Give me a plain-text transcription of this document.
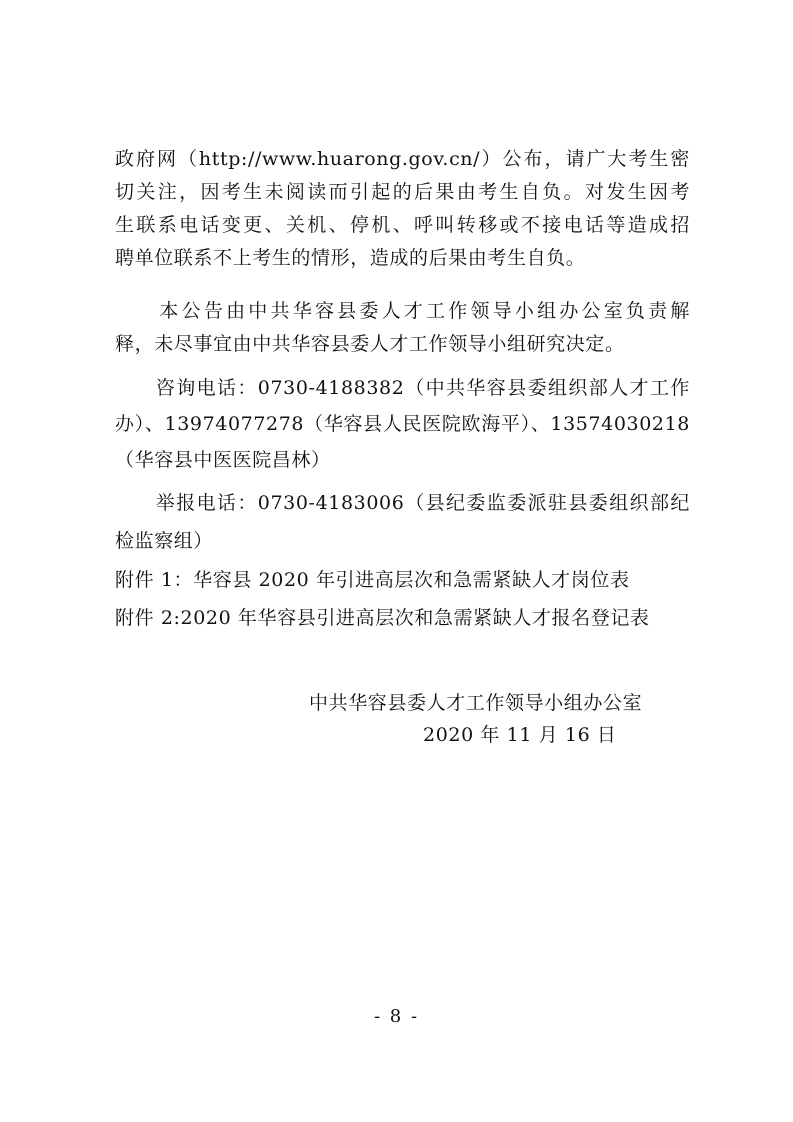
政府网（http://www.huarong.gov.cn/）公布，请广大考生密
切关注，因考生未阅读而引起的后果由考生自负。对发生因考
生联系电话变更、关机、停机、呼叫转移或不接电话等造成招
聘单位联系不上考生的情形，造成的后果由考生自负。
　　本公告由中共华容县委人才工作领导小组办公室负责解
释，未尽事宜由中共华容县委人才工作领导小组研究决定。
　　咨询电话：0730-4188382（中共华容县委组织部人才工作
办）、13974077278（华容县人民医院欧海平）、13574030218
（华容县中医医院昌林）
　　举报电话：0730-4183006（县纪委监委派驻县委组织部纪
检监察组）
附件 1：华容县 2020 年引进高层次和急需紧缺人才岗位表
附件 2:2020 年华容县引进高层次和急需紧缺人才报名登记表
中共华容县委人才工作领导小组办公室
2020 年 11 月 16 日
- 8 -
